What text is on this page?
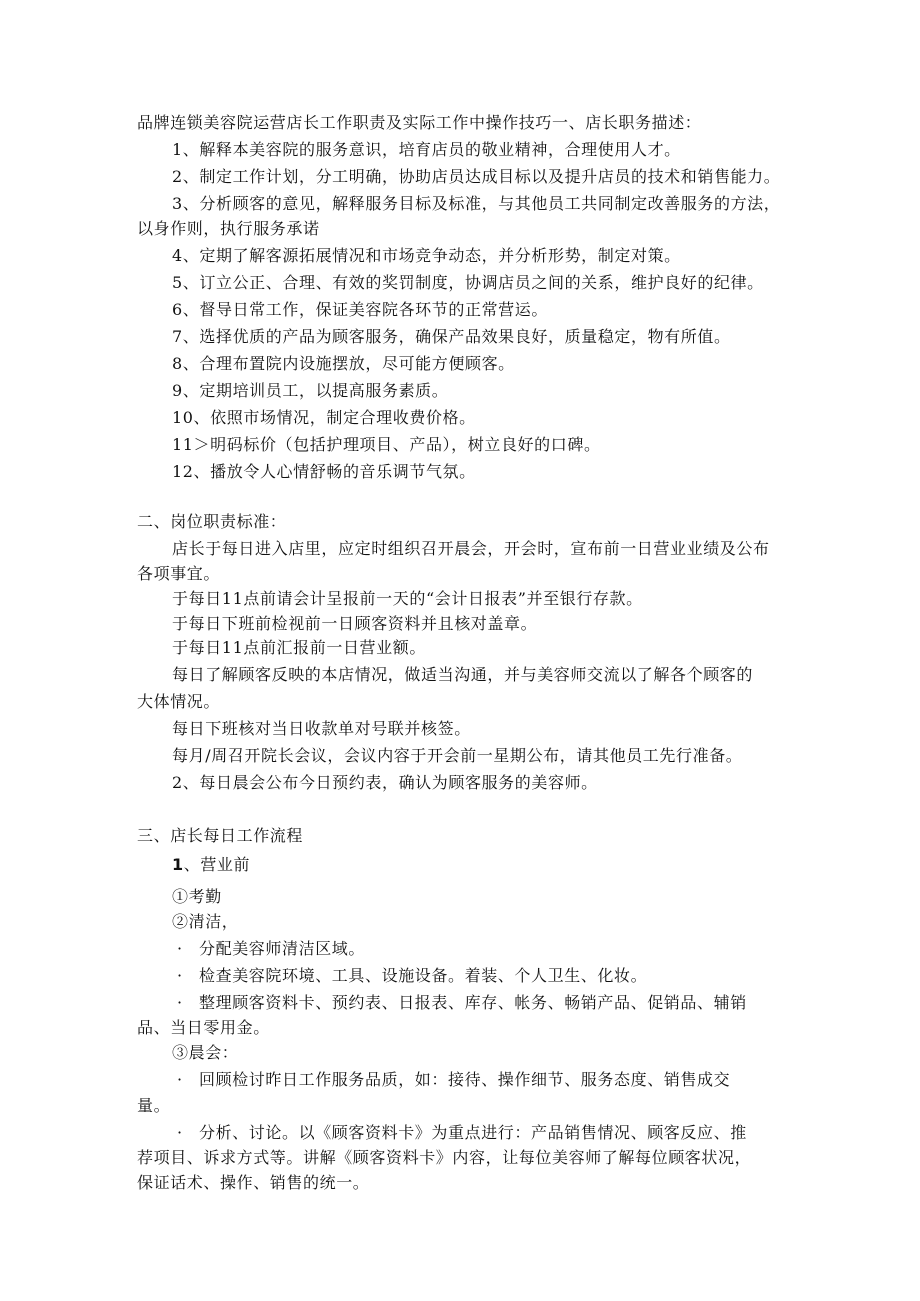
品牌连锁美容院运营店长工作职责及实际工作中操作技巧一、店长职务描述：
1、解释本美容院的服务意识，培育店员的敬业精神，合理使用人才。
2、制定工作计划，分工明确，协助店员达成目标以及提升店员的技术和销售能力。
3、分析顾客的意见，解释服务目标及标准，与其他员工共同制定改善服务的方法，
以身作则，执行服务承诺
4、定期了解客源拓展情况和市场竞争动态，并分析形势，制定对策。
5、订立公正、合理、有效的奖罚制度，协调店员之间的关系，维护良好的纪律。
6、督导日常工作，保证美容院各环节的正常营运。
7、选择优质的产品为顾客服务，确保产品效果良好，质量稳定，物有所值。
8、合理布置院内设施摆放，尽可能方便顾客。
9、定期培训员工，以提高服务素质。
10、依照市场情况，制定合理收费价格。
11＞明码标价（包括护理项目、产品），树立良好的口碑。
12、播放令人心情舒畅的音乐调节气氛。
二、岗位职责标准：
店长于每日进入店里，应定时组织召开晨会，开会时，宣布前一日营业业绩及公布
各项事宜。
于每日11点前请会计呈报前一天的“会计日报表”并至银行存款。
于每日下班前检视前一日顾客资料并且核对盖章。
于每日11点前汇报前一日营业额。
每日了解顾客反映的本店情况，做适当沟通，并与美容师交流以了解各个顾客的
大体情况。
每日下班核对当日收款单对号联并核签。
每月/周召开院长会议，会议内容于开会前一星期公布，请其他员工先行准备。
2、每日晨会公布今日预约表，确认为顾客服务的美容师。
三、店长每日工作流程
1、营业前
①考勤
②清洁，
· 分配美容师清洁区域。
· 检查美容院环境、工具、设施设备。着装、个人卫生、化妆。
· 整理顾客资料卡、预约表、日报表、库存、帐务、畅销产品、促销品、辅销
品、当日零用金。
③晨会：
· 回顾检讨昨日工作服务品质，如：接待、操作细节、服务态度、销售成交
量。
· 分析、讨论。以《顾客资料卡》为重点进行：产品销售情况、顾客反应、推
荐项目、诉求方式等。讲解《顾客资料卡》内容，让每位美容师了解每位顾客状况，
保证话术、操作、销售的统一。
